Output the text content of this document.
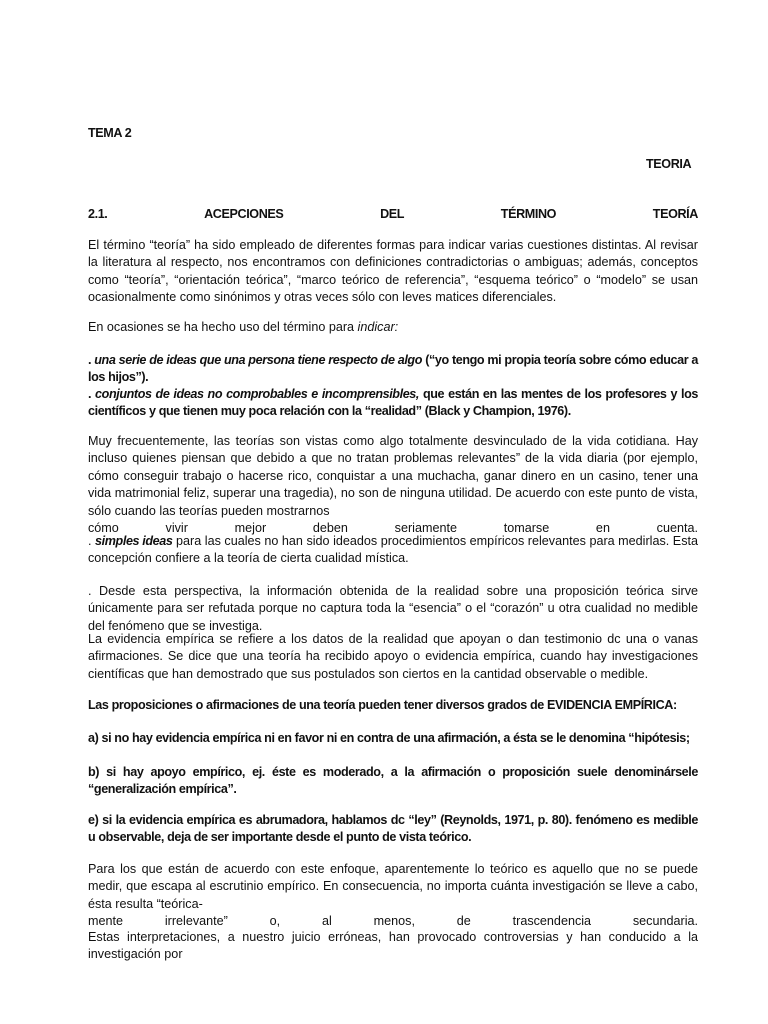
TEMA 2

TEORIA

2.1.	ACEPCIONES	DEL	TÉRMINO	TEORÍA

El término “teoría” ha sido empleado de diferentes formas para indicar varias cuestiones distintas. Al revisar la literatura al respecto, nos encontramos con definiciones contradictorias o ambiguas; además, conceptos como “teoría”, “orientación teórica”, “marco teórico de referencia”, “esquema teórico” o “modelo” se usan ocasionalmente como sinónimos y otras veces sólo con leves matices diferenciales.

En ocasiones se ha hecho uso del término para indicar:

. una serie de ideas que una persona tiene respecto de algo (“yo tengo mi propia teoría sobre cómo educar a los hijos”).

. conjuntos de ideas no comprobables e incomprensibles, que están en las mentes de los profesores y los científicos y que tienen muy poca relación con la “realidad” (Black y Champion, 1976).

Muy frecuentemente, las teorías son vistas como algo totalmente desvinculado de la vida cotidiana. Hay incluso quienes piensan que debido a que no tratan problemas relevantes” de la vida diaria (por ejemplo, cómo conseguir trabajo o hacerse rico, conquistar a una muchacha, ganar dinero en un casino, tener una vida matrimonial feliz, superar una tragedia), no son de ninguna utilidad. De acuerdo con este punto de vista, sólo cuando las teorías pueden mostrarnos

cómo vivir mejor deben seriamente tomarse en cuenta.

. simples ideas para las cuales no han sido ideados procedimientos empíricos relevantes para medirlas. Esta concepción confiere a la teoría de cierta cualidad mística.

. Desde esta perspectiva, la información obtenida de la realidad sobre una proposición teórica sirve únicamente para ser refutada porque no captura toda la “esencia” o el “corazón” u otra cualidad no medible del fenómeno que se investiga.

La evidencia empírica se refiere a los datos de la realidad que apoyan o dan testimonio dc una o vanas afirmaciones. Se dice que una teoría ha recibido apoyo o evidencia empírica, cuando hay investigaciones científicas que han demostrado que sus postulados son ciertos en la cantidad observable o medible.

Las proposiciones o afirmaciones de una teoría pueden tener diversos grados de EVIDENCIA EMPÍRICA:

a) si no hay evidencia empírica ni en favor ni en contra de una afirmación, a ésta se le denomina “hipótesis;

b) si hay apoyo empírico, ej. éste es moderado, a la afirmación o proposición suele denominársele “generalización empírica”.

e) si la evidencia empírica es abrumadora, hablamos dc “ley” (Reynolds, 1971, p. 80). fenómeno es medible u observable, deja de ser importante desde el punto de vista teórico.

Para los que están de acuerdo con este enfoque, aparentemente lo teórico es aquello que no se puede medir, que escapa al escrutinio empírico. En consecuencia, no importa cuánta investigación se lleve a cabo, ésta resulta “teórica-

mente irrelevante” o, al menos, de trascendencia secundaria.

Estas interpretaciones, a nuestro juicio erróneas, han provocado controversias y han conducido a la investigación por
